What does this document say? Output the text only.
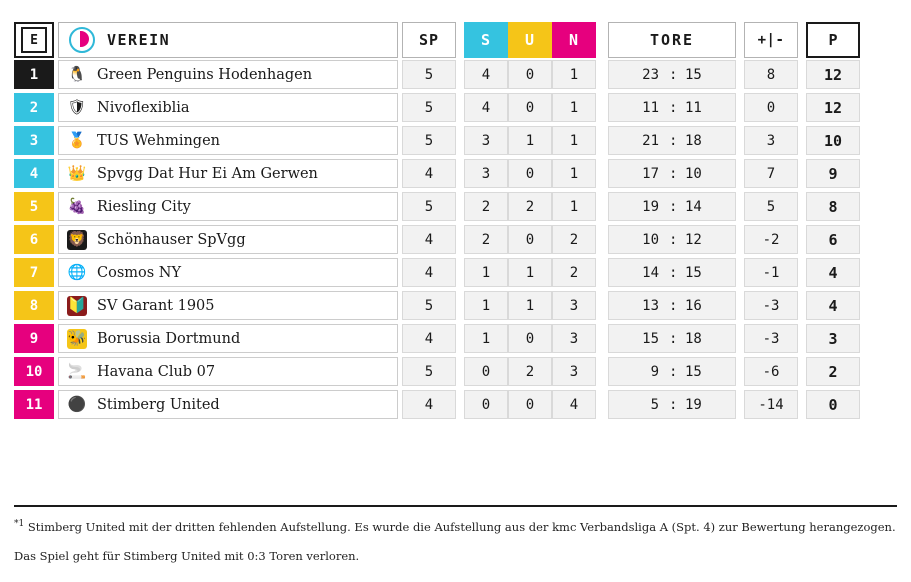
E	VEREIN	SP	S	U	N	TORE	+|-	P
1	🐧 Green Penguins Hodenhagen	5	4	0	1	23 : 15	8	12
2	🛡 Nivoflexiblia	5	4	0	1	11 : 11	0	12
3	🏅 TUS Wehmingen	5	3	1	1	21 : 18	3	10
4	👑 Spvgg Dat Hur Ei Am Gerwen	4	3	0	1	17 : 10	7	9
5	🍇 Riesling City	5	2	2	1	19 : 14	5	8
6	🦁 Schönhauser SpVgg	4	2	0	2	10 : 12	-2	6
7	🌐 Cosmos NY	4	1	1	2	14 : 15	-1	4
8	🔰 SV Garant 1905	5	1	1	3	13 : 16	-3	4
9	🐝 Borussia Dortmund	4	1	0	3	15 : 18	-3	3
10	🚬 Havana Club 07	5	0	2	3	9 : 15	-6	2
11	⚫ Stimberg United	4	0	0	4	5 : 19	-14	0
$^{*1}$ Stimberg United mit der dritten fehlenden Aufstellung. Es wurde die Aufstellung aus der kmc Verbandsliga A (Spt. 4) zur Bewertung herangezogen.
Das Spiel geht für Stimberg United mit 0:3 Toren verloren.
